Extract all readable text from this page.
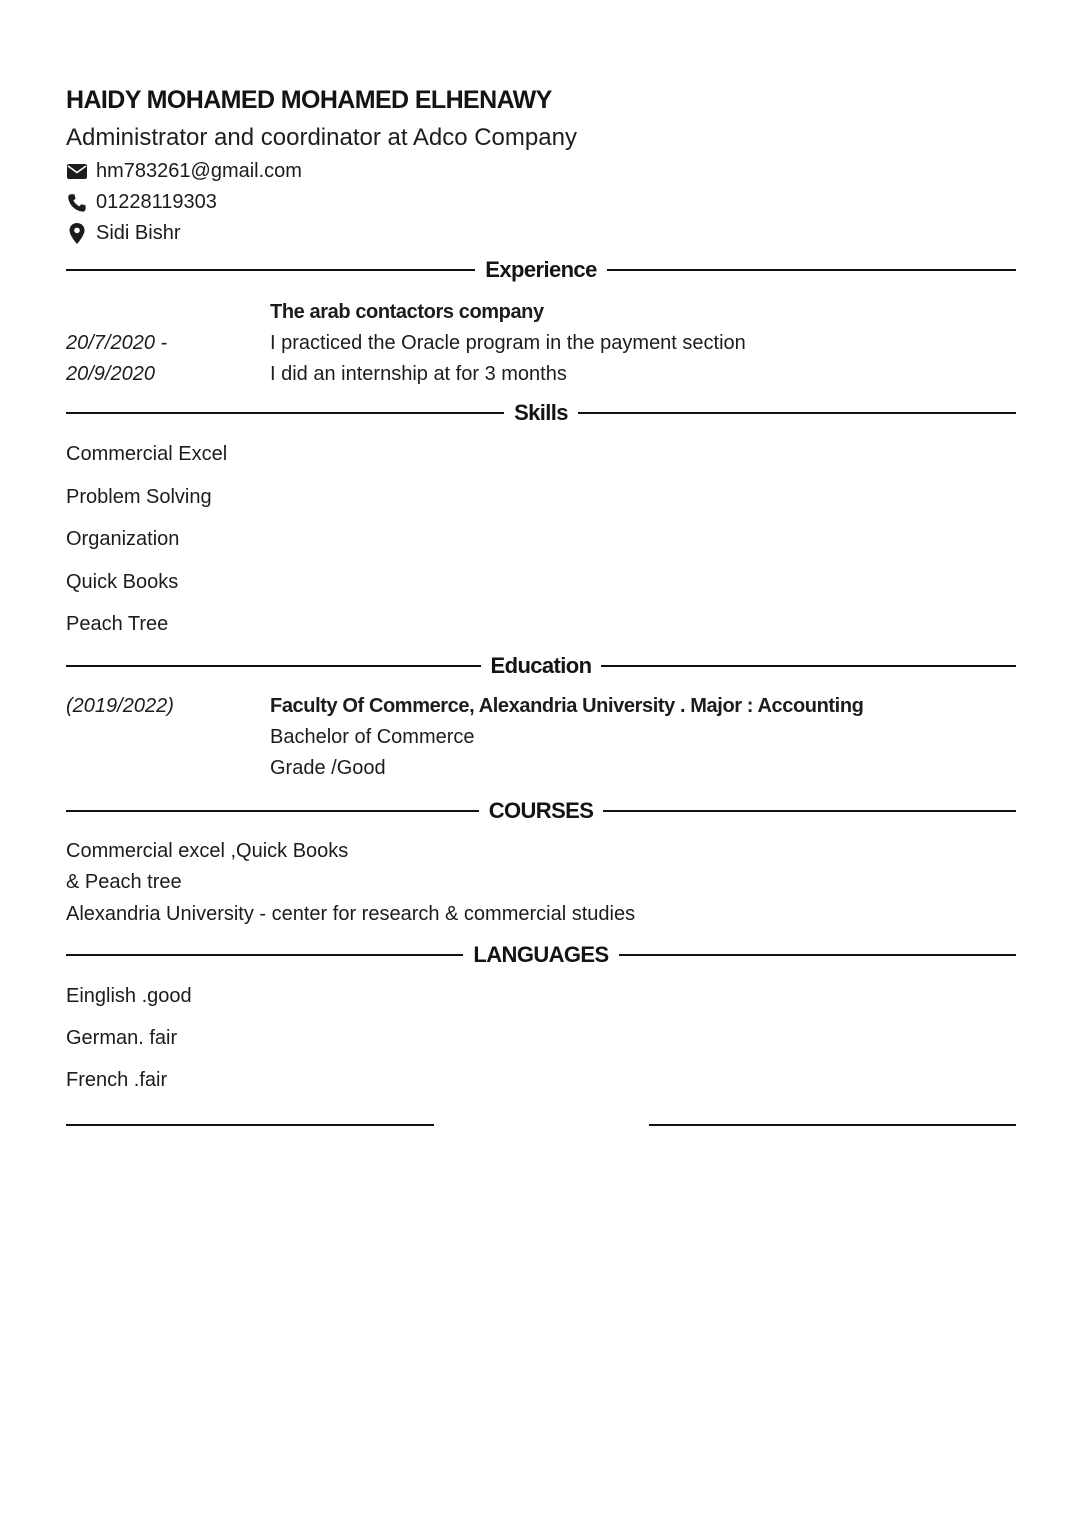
HAIDY MOHAMED MOHAMED ELHENAWY
Administrator and coordinator at Adco Company
hm783261@gmail.com
01228119303
Sidi Bishr
Experience
20/7/2020 -
20/9/2020
The arab contactors company
I practiced the Oracle program in the payment section
I did an internship at for 3 months
Skills
Commercial Excel
Problem Solving
Organization
Quick Books
Peach Tree
Education
(2019/2022)	Faculty Of Commerce, Alexandria University . Major : Accounting
Bachelor of Commerce
Grade /Good
COURSES
Commercial excel ,Quick Books
& Peach tree
Alexandria University - center for research & commercial studies
LANGUAGES
Einglish .good
German. fair
French .fair
